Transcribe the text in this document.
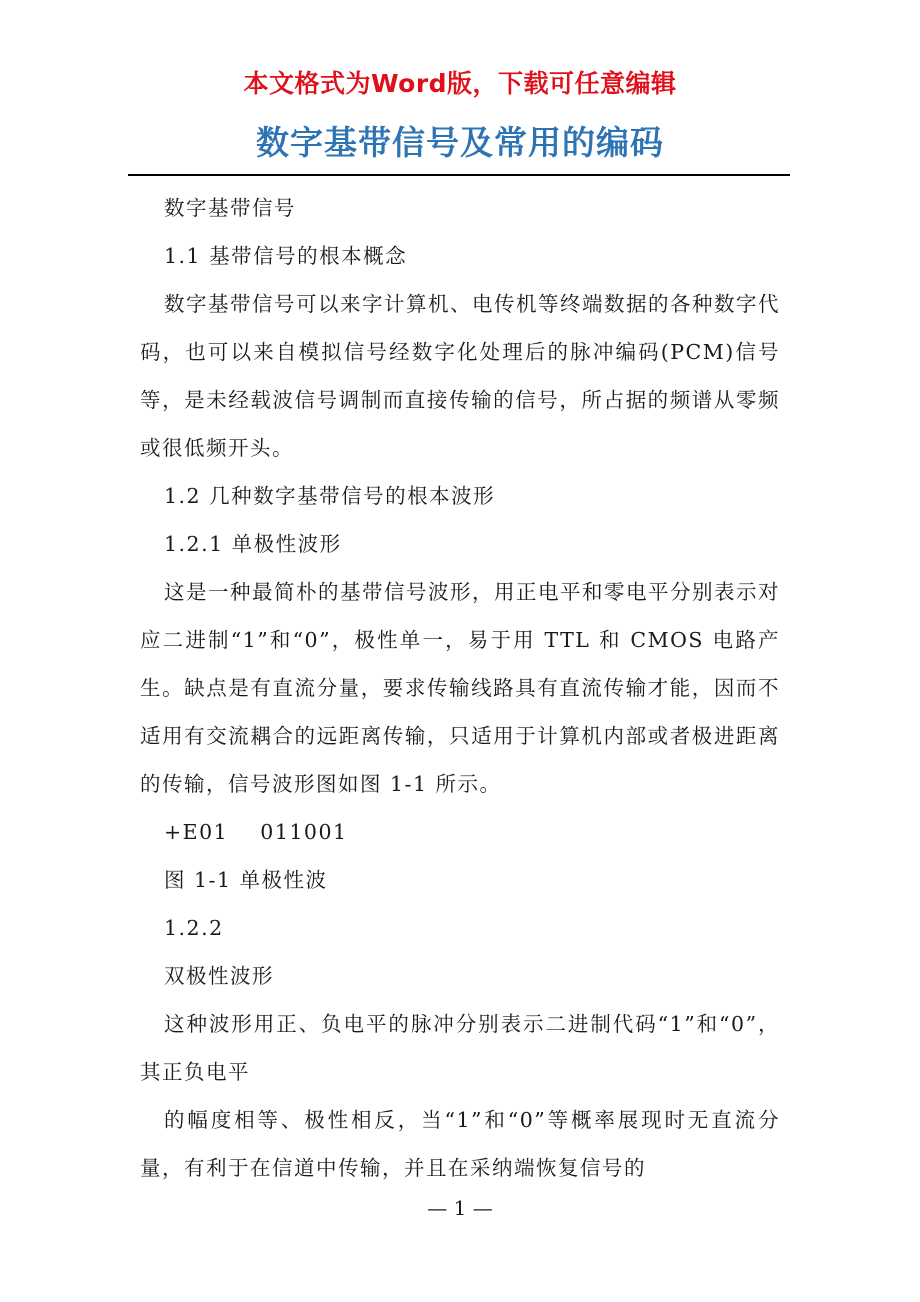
本文格式为Word版，下载可任意编辑
数字基带信号及常用的编码

数字基带信号

1.1 基带信号的根本概念

数字基带信号可以来字计算机、电传机等终端数据的各种数字代码，也可以来自模拟信号经数字化处理后的脉冲编码(PCM)信号等，是未经载波信号调制而直接传输的信号，所占据的频谱从零频或很低频开头。

1.2 几种数字基带信号的根本波形

1.2.1 单极性波形

这是一种最简朴的基带信号波形，用正电平和零电平分别表示对应二进制“1”和“0”，极性单一，易于用 TTL 和 CMOS 电路产生。缺点是有直流分量，要求传输线路具有直流传输才能，因而不适用有交流耦合的远距离传输，只适用于计算机内部或者极进距离的传输，信号波形图如图 1-1 所示。

+E01    011001

图 1-1 单极性波

1.2.2

双极性波形

这种波形用正、负电平的脉冲分别表示二进制代码“1”和“0”，其正负电平

的幅度相等、极性相反，当“1”和“0”等概率展现时无直流分量，有利于在信道中传输，并且在采纳端恢复信号的

— 1 —
